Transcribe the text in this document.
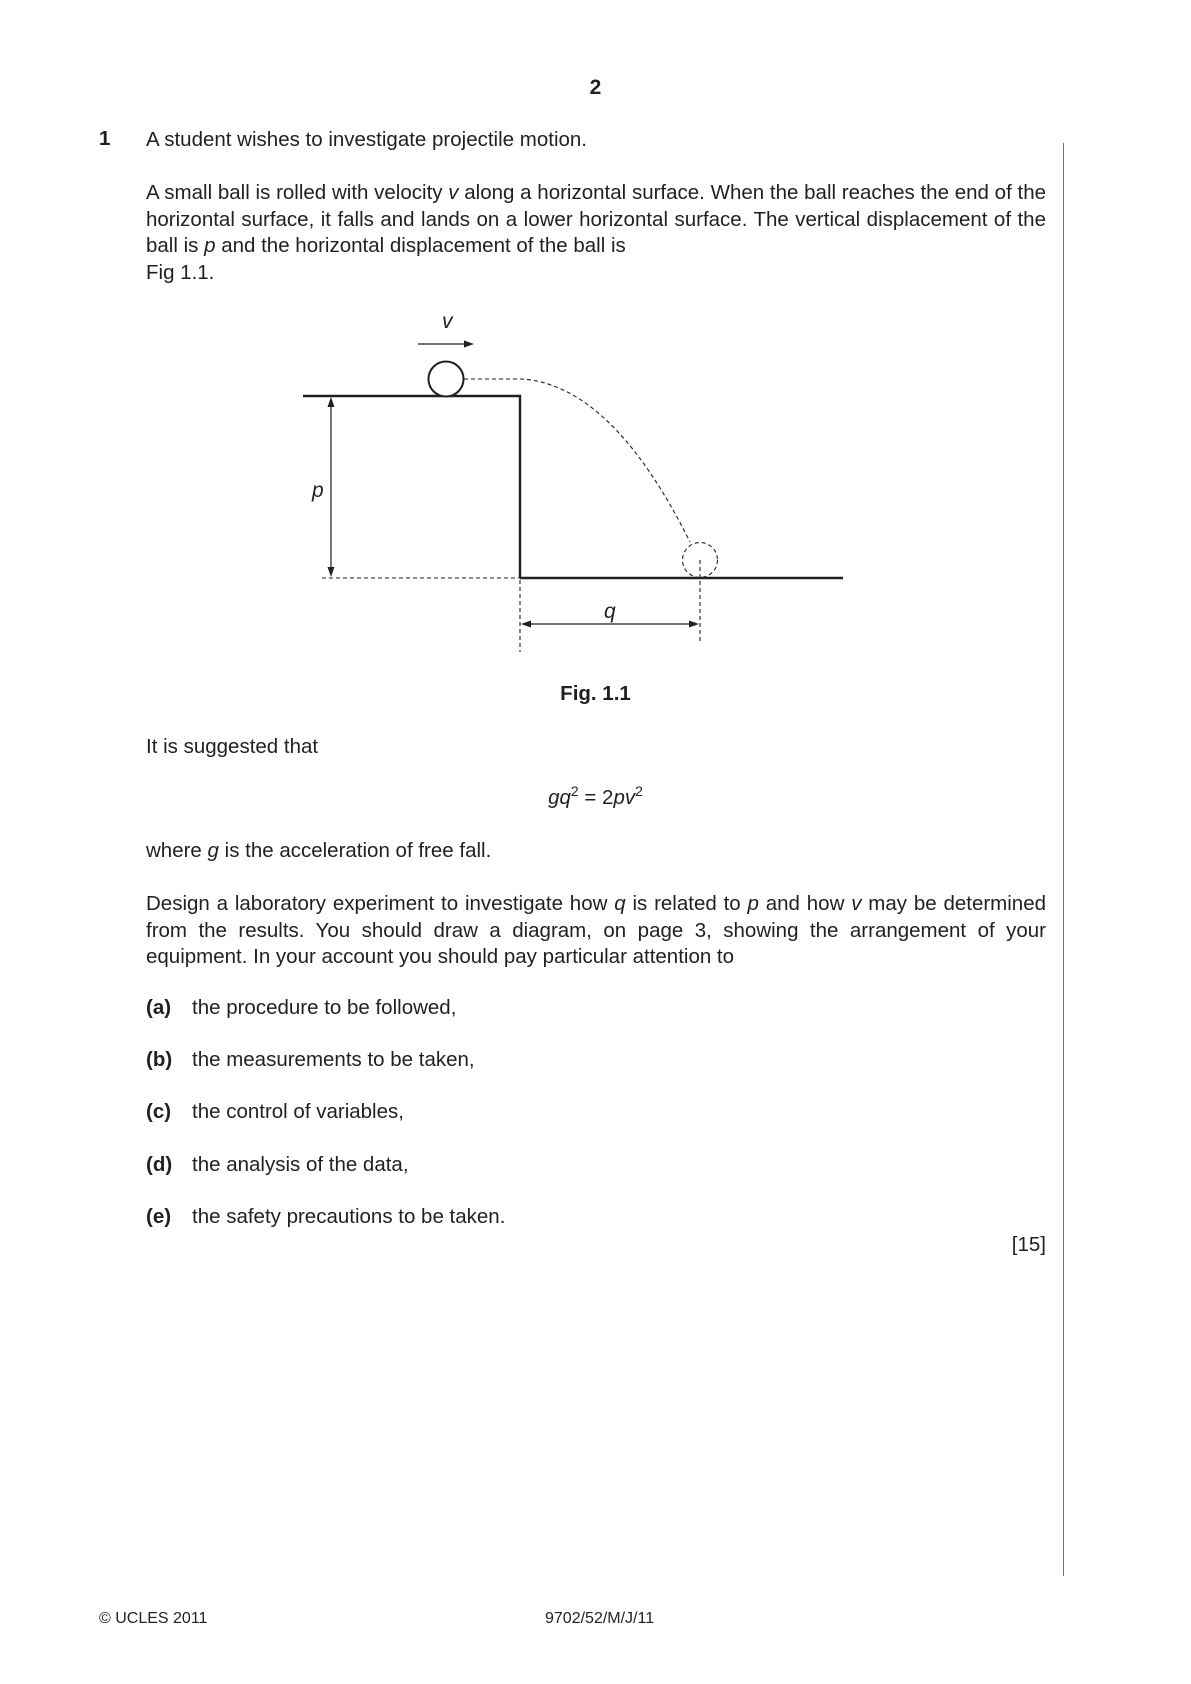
2
1 A student wishes to investigate projectile motion.
A small ball is rolled with velocity v along a horizontal surface. When the ball reaches the end of the horizontal surface, it falls and lands on a lower horizontal surface. The vertical displacement of the ball is p and the horizontal displacement of the ball is
Fig 1.1.
v
p
q
Fig. 1.1
It is suggested that
$gq^2 = 2pv^2$
where g is the acceleration of free fall.
Design a laboratory experiment to investigate how q is related to p and how v may be determined from the results. You should draw a diagram, on page 3, showing the arrangement of your equipment. In your account you should pay particular attention to
(a) the procedure to be followed,
(b) the measurements to be taken,
(c) the control of variables,
(d) the analysis of the data,
(e) the safety precautions to be taken.
[15]
© UCLES 2011	9702/52/M/J/11
